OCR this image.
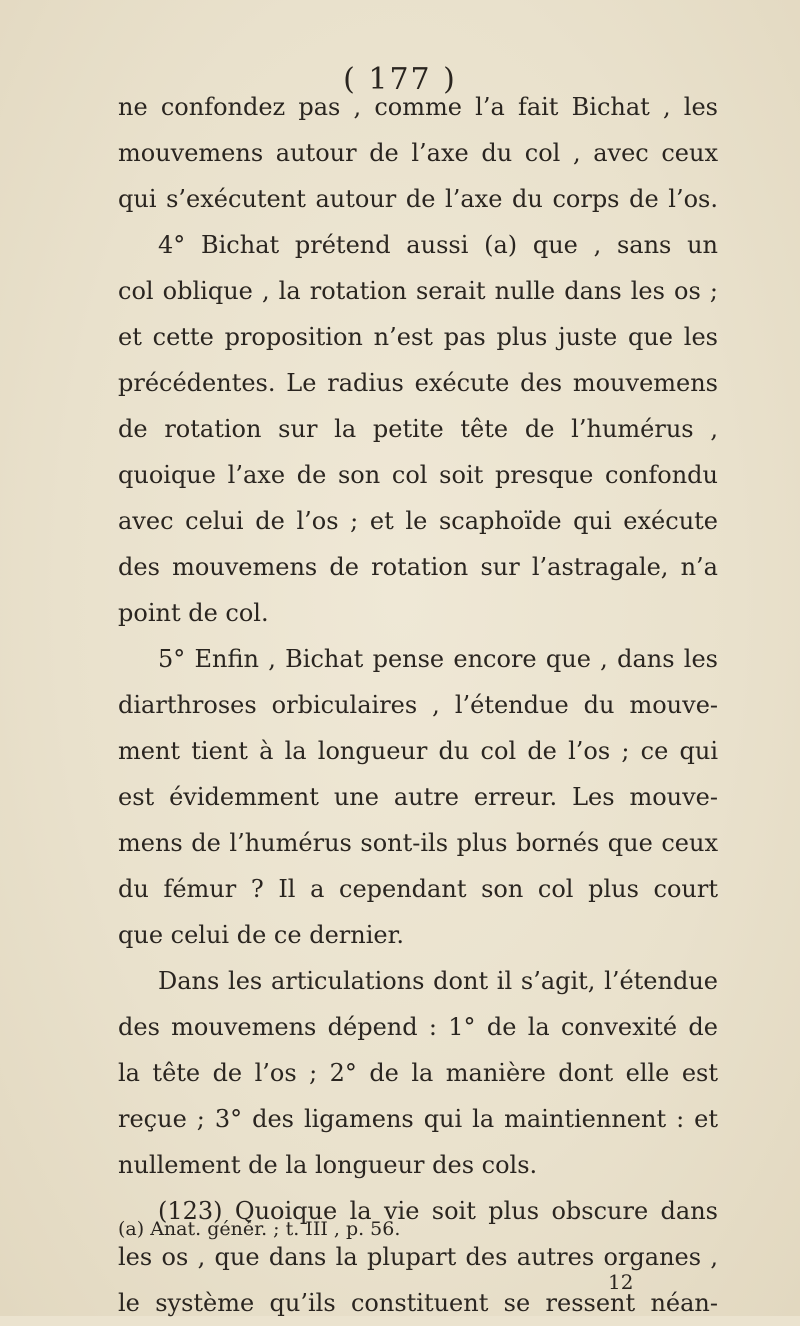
( 177 )
ne confondez pas , comme l’a fait Bichat , les
mouvemens autour de l’axe du col , avec ceux
qui s’exécutent autour de l’axe du corps de l’os.
4° Bichat prétend aussi (a) que , sans un
col oblique , la rotation serait nulle dans les os ;
et cette proposition n’est pas plus juste que les
précédentes. Le radius exécute des mouvemens
de rotation sur la petite tête de l’humérus ,
quoique l’axe de son col soit presque confondu
avec celui de l’os ; et le scaphoïde qui exécute
des mouvemens de rotation sur l’astragale, n’a
point de col.
5° Enfin , Bichat pense encore que , dans les
diarthroses orbiculaires , l’étendue du mouve-
ment tient à la longueur du col de l’os ; ce qui
est évidemment une autre erreur. Les mouve-
mens de l’humérus sont-ils plus bornés que ceux
du fémur ? Il a cependant son col plus court
que celui de ce dernier.
Dans les articulations dont il s’agit, l’étendue
des mouvemens dépend : 1° de la convexité de
la tête de l’os ; 2° de la manière dont elle est
reçue ; 3° des ligamens qui la maintiennent : et
nullement de la longueur des cols.
(123) Quoique la vie soit plus obscure dans
les os , que dans la plupart des autres organes ,
le système qu’ils constituent se ressent néan-
(a) Anat. génér. ; t. III , p. 56.
12
